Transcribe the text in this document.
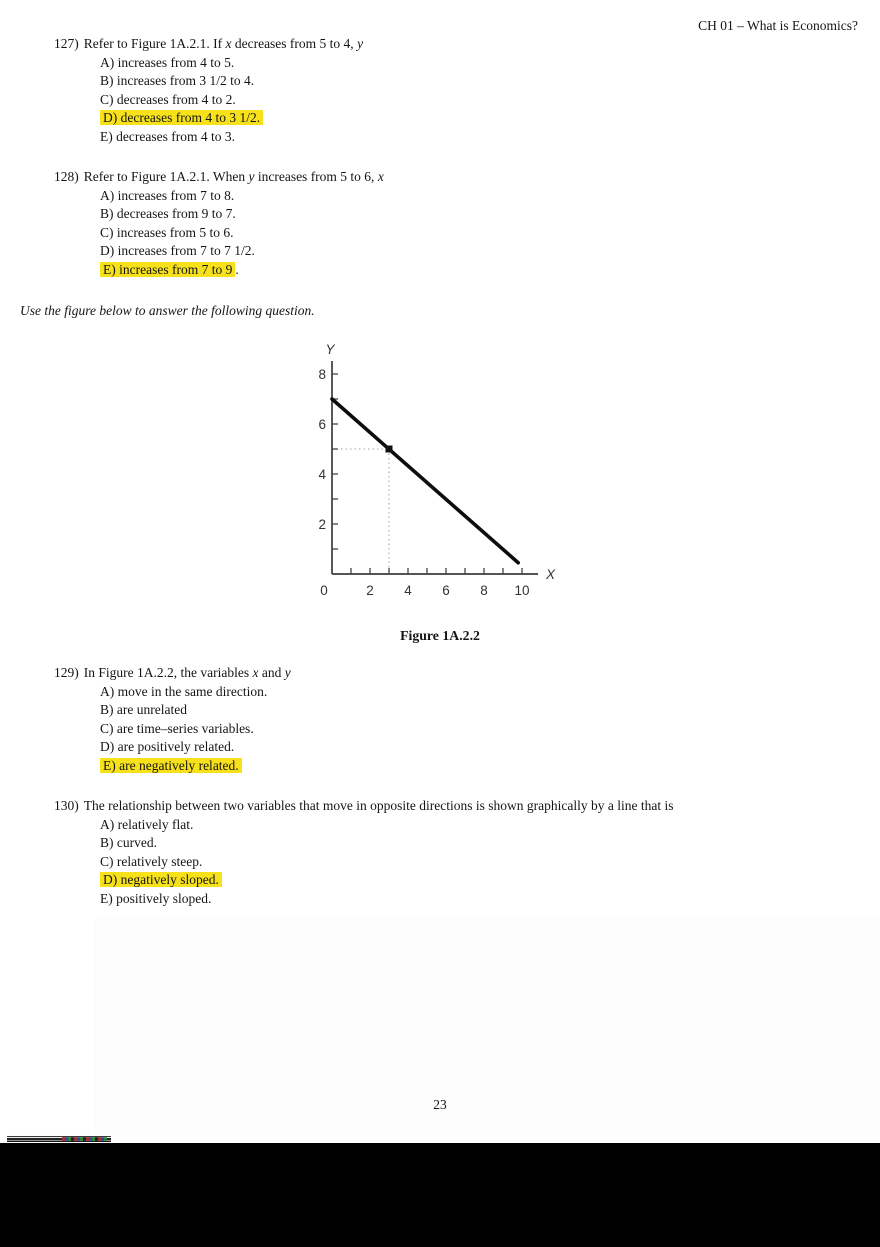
CH 01 – What is Economics?
127) Refer to Figure 1A.2.1. If x decreases from 5 to 4, y
A) increases from 4 to 5.
B) increases from 3 1/2 to 4.
C) decreases from 4 to 2.
D) decreases from 4 to 3 1/2.
E) decreases from 4 to 3.
128) Refer to Figure 1A.2.1. When y increases from 5 to 6, x
A) increases from 7 to 8.
B) decreases from 9 to 7.
C) increases from 5 to 6.
D) increases from 7 to 7 1/2.
E) increases from 7 to 9 .
129) In Figure 1A.2.2, the variables x and y
A) move in the same direction.
B) are unrelated
C) are time–series variables.
D) are positively related.
E) are negatively related.
130) The relationship between two variables that move in opposite directions is shown graphically by a line that is
A) relatively flat.
B) curved.
C) relatively steep.
D) negatively sloped.
E) positively sloped.
Use the figure below to answer the following question.
0	2 4 6 8 10
2
4
6
8
Y
X
Figure 1A.2.2
23
